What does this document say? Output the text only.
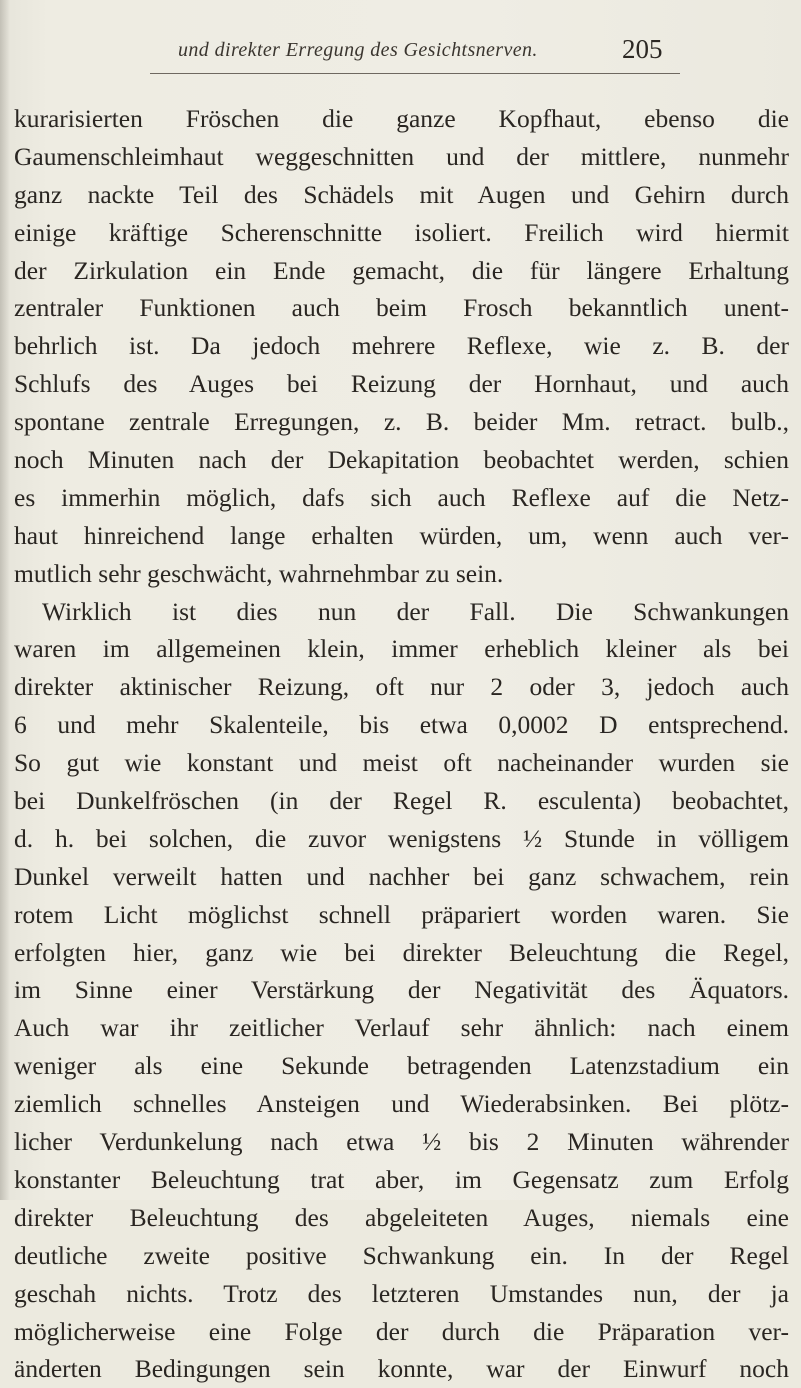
und direkter Erregung des Gesichtsnerven.	205
kurarisierten Fröschen die ganze Kopfhaut, ebenso die
Gaumenschleimhaut weggeschnitten und der mittlere, nunmehr
ganz nackte Teil des Schädels mit Augen und Gehirn durch
einige kräftige Scherenschnitte isoliert. Freilich wird hiermit
der Zirkulation ein Ende gemacht, die für längere Erhaltung
zentraler Funktionen auch beim Frosch bekanntlich unent-
behrlich ist. Da jedoch mehrere Reflexe, wie z. B. der
Schlufs des Auges bei Reizung der Hornhaut, und auch
spontane zentrale Erregungen, z. B. beider Mm. retract. bulb.,
noch Minuten nach der Dekapitation beobachtet werden, schien
es immerhin möglich, dafs sich auch Reflexe auf die Netz-
haut hinreichend lange erhalten würden, um, wenn auch ver-
mutlich sehr geschwächt, wahrnehmbar zu sein.
Wirklich ist dies nun der Fall. Die Schwankungen
waren im allgemeinen klein, immer erheblich kleiner als bei
direkter aktinischer Reizung, oft nur 2 oder 3, jedoch auch
6 und mehr Skalenteile, bis etwa 0,0002 D entsprechend.
So gut wie konstant und meist oft nacheinander wurden sie
bei Dunkelfröschen (in der Regel R. esculenta) beobachtet,
d. h. bei solchen, die zuvor wenigstens ½ Stunde in völligem
Dunkel verweilt hatten und nachher bei ganz schwachem, rein
rotem Licht möglichst schnell präpariert worden waren. Sie
erfolgten hier, ganz wie bei direkter Beleuchtung die Regel,
im Sinne einer Verstärkung der Negativität des Äquators.
Auch war ihr zeitlicher Verlauf sehr ähnlich: nach einem
weniger als eine Sekunde betragenden Latenzstadium ein
ziemlich schnelles Ansteigen und Wiederabsinken. Bei plötz-
licher Verdunkelung nach etwa ½ bis 2 Minuten währender
konstanter Beleuchtung trat aber, im Gegensatz zum Erfolg
direkter Beleuchtung des abgeleiteten Auges, niemals eine
deutliche zweite positive Schwankung ein. In der Regel
geschah nichts. Trotz des letzteren Umstandes nun, der ja
möglicherweise eine Folge der durch die Präparation ver-
änderten Bedingungen sein konnte, war der Einwurf noch
